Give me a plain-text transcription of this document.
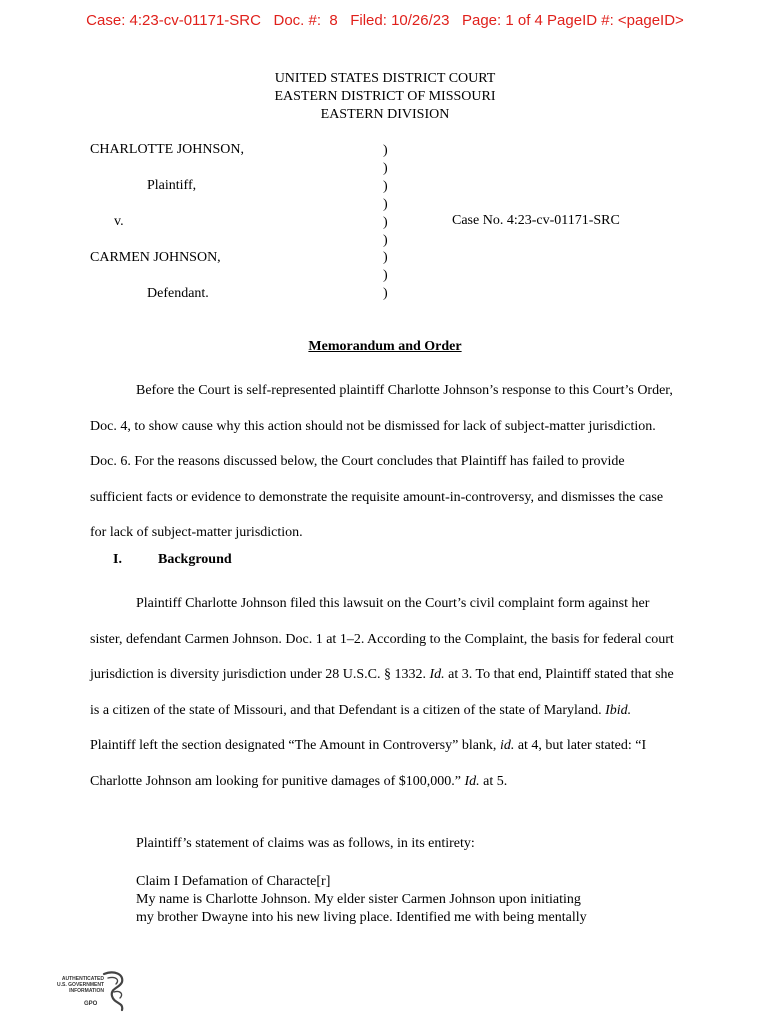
Case: 4:23-cv-01171-SRC Doc. #:  8 Filed: 10/26/23 Page: 1 of 4 PageID #: <pageID>
UNITED STATES DISTRICT COURT
EASTERN DISTRICT OF MISSOURI
EASTERN DIVISION
CHARLOTTE JOHNSON,
Plaintiff,
v.
CARMEN JOHNSON,
Defendant.
)
)
)
)
)
)
)
)
)
Case No. 4:23-cv-01171-SRC
Memorandum and Order

Before the Court is self-represented plaintiff Charlotte Johnson’s response to this Court’s Order, Doc. 4, to show cause why this action should not be dismissed for lack of subject-matter jurisdiction. Doc. 6. For the reasons discussed below, the Court concludes that Plaintiff has failed to provide sufficient facts or evidence to demonstrate the requisite amount-in-controversy, and dismisses the case for lack of subject-matter jurisdiction.

I.	Background

Plaintiff Charlotte Johnson filed this lawsuit on the Court’s civil complaint form against her sister, defendant Carmen Johnson. Doc. 1 at 1–2. According to the Complaint, the basis for federal court jurisdiction is diversity jurisdiction under 28 U.S.C. § 1332. Id. at 3. To that end, Plaintiff stated that she is a citizen of the state of Missouri, and that Defendant is a citizen of the state of Maryland. Ibid. Plaintiff left the section designated “The Amount in Controversy” blank, id. at 4, but later stated: “I Charlotte Johnson am looking for punitive damages of $100,000.” Id. at 5.

Plaintiff’s statement of claims was as follows, in its entirety:

Claim I Defamation of Characte[r]
My name is Charlotte Johnson. My elder sister Carmen Johnson upon initiating
my brother Dwayne into his new living place. Identified me with being mentally
AUTHENTICATED
U.S. GOVERNMENT
INFORMATION
GPO
